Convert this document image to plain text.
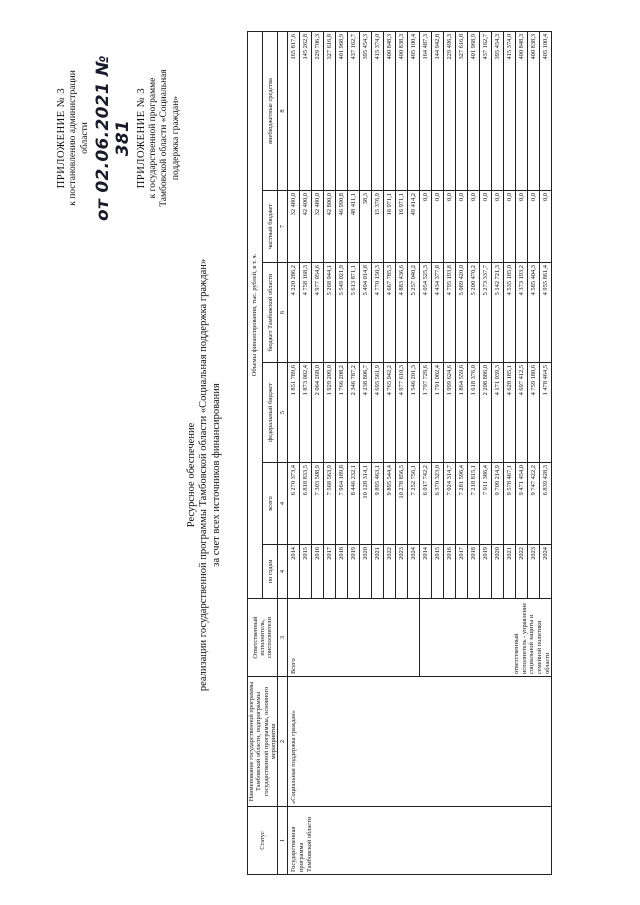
ПРИЛОЖЕНИЕ № 3 к постановлению администрации области от 02.06.2021 № 381 ПРИЛОЖЕНИЕ № 3 к государственной программе Тамбовской области «Социальная поддержка граждан»
Ресурсное обеспечение реализации государственной программы Тамбовской области «Социальная поддержка граждан» за счет всех источников финансирования
Статус	Наименование государственной программы Тамбовской области, подпрограммы государственной программы, основного мероприятия	Ответственный исполнитель, соисполнители	Объемы финансирования, тыс. рублей, в т. ч.					
			по годам	всего	федеральный бюджет	бюджет Тамбовской области	частный бюджет	внебюджетные средства
1	2	3	4	4	5	6	7	8
Государственная программа Тамбовской области	«Социальная поддержка граждан»	Всего	2014	6 270 373,4	1 851 789,6	4 220 286,2	32 480,0	165 817,6
			2015	6 818 833,5	1 873 002,4	4 758 168,3	42 400,0	145 262,8
			2016	7 303 508,9	2 064 268,0	4 977 054,6	32 480,0	229 706,3
			2017	7 568 563,9	1 929 209,0	5 268 944,1	42 800,0	327 616,8
			2018	7 964 189,8	1 766 208,2	5 549 021,9	46 990,8	401 968,9
			2019	8 446 232,1	2 346 787,2	5 613 871,1	48 411,1	437 162,7
			2020	10 128 314,1	4 238 806,7	5 494 014,8	38,3	395 454,3
			2021	9 895 463,1	4 695 561,9	4 770 150,3	15 376,9	415 374,0
			2022	9 895 544,4	4 765 942,2	4 667 785,3	16 971,1	400 848,3
			2023	10 278 856,5	4 977 610,3	4 883 436,6	16 971,1	400 838,3
			2024	7 252 756,1	1 546 201,3	5 257 040,2	49 414,2	405 100,4
		ответственный исполнитель - управление социальной защиты и семейной политики области	2014	6 017 742,2	1 797 729,6	4 054 525,3	0,0	164 487,3
			2015	6 370 323,0	1 791 002,4	4 434 377,8	0,0	144 942,8
			2016	7 024 314,7	1 999 624,6	4 795 193,8	0,0	229 496,3
			2017	7 281 596,4	1 864 559,6	5 089 420,0	0,0	327 616,8
			2018	7 218 815,1	1 618 376,0	5 200 470,2	0,0	401 968,9
			2019	7 911 386,4	2 208 886,0	5 273 337,7	0,0	437 162,7
			2020	9 709 214,9	4 171 039,3	5 142 721,3	0,0	395 454,3
			2021	9 578 467,1	4 628 185,1	4 535 185,0	0,0	415 374,0
			2022	9 471 454,0	4 697 412,5	4 373 193,2	0,0	400 848,3
			2023	9 747 422,2	4 759 180,6	4 585 404,3	0,0	400 838,3
			2024	6 839 428,3	1 478 464,5	4 955 861,4	0,0	405 100,4
